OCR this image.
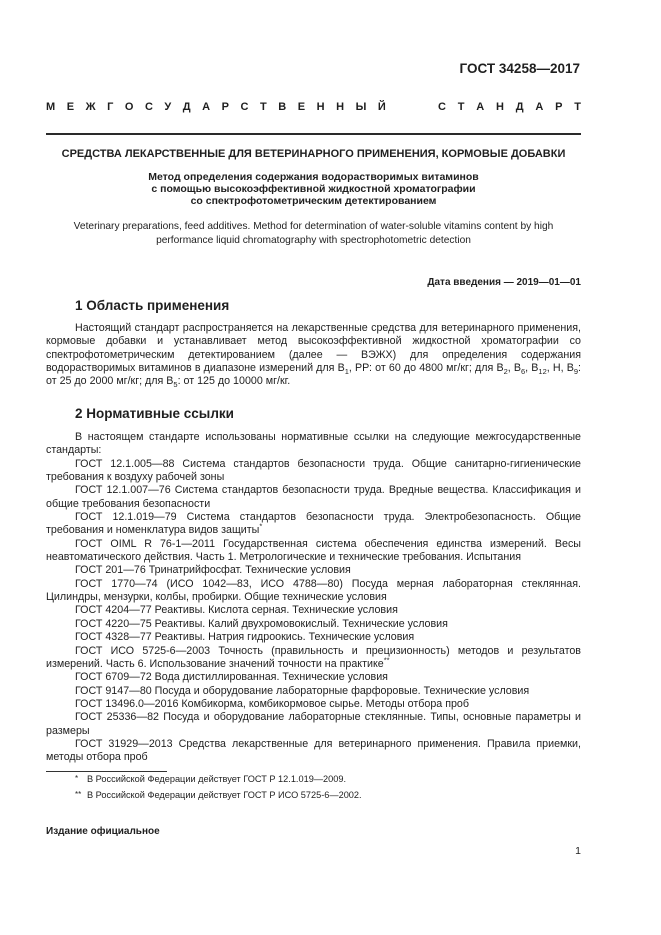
ГОСТ 34258—2017
М Е Ж Г О С У Д А Р С Т В Е Н Н Ы Й	С Т А Н Д А Р Т
СРЕДСТВА ЛЕКАРСТВЕННЫЕ ДЛЯ ВЕТЕРИНАРНОГО ПРИМЕНЕНИЯ, КОРМОВЫЕ ДОБАВКИ
Метод определения содержания водорастворимых витаминов
с помощью высокоэффективной жидкостной хроматографии
со спектрофотометрическим детектированием
Veterinary preparations, feed additives. Method for determination of water-soluble vitamins content by high performance liquid chromatography with spectrophotometric detection
Дата введения — 2019—01—01
1 Область применения

Настоящий стандарт распространяется на лекарственные средства для ветеринарного применения, кормовые добавки и устанавливает метод высокоэффективной жидкостной хроматографии со спектрофотометрическим детектированием (далее — ВЭЖХ) для определения содержания водорастворимых витаминов в диапазоне измерений для $В_1$, РР: от 60 до 4800 мг/кг; для $В_2$, $В_6$, $В_{12}$, Н, $В_9$: от 25 до 2000 мг/кг; для $В_5$: от 125 до 10000 мг/кг.

2 Нормативные ссылки

В настоящем стандарте использованы нормативные ссылки на следующие межгосударственные стандарты:

ГОСТ 12.1.005—88 Система стандартов безопасности труда. Общие санитарно-гигиенические требования к воздуху рабочей зоны

ГОСТ 12.1.007—76 Система стандартов безопасности труда. Вредные вещества. Классификация и общие требования безопасности

ГОСТ 12.1.019—79 Система стандартов безопасности труда. Электробезопасность. Общие требования и номенклатура видов защиты*

ГОСТ OIML R 76-1—2011 Государственная система обеспечения единства измерений. Весы неавтоматического действия. Часть 1. Метрологические и технические требования. Испытания

ГОСТ 201—76 Тринатрийфосфат. Технические условия

ГОСТ 1770—74 (ИСО 1042—83, ИСО 4788—80) Посуда мерная лабораторная стеклянная. Цилиндры, мензурки, колбы, пробирки. Общие технические условия

ГОСТ 4204—77 Реактивы. Кислота серная. Технические условия

ГОСТ 4220—75 Реактивы. Калий двухромовокислый. Технические условия

ГОСТ 4328—77 Реактивы. Натрия гидроокись. Технические условия

ГОСТ ИСО 5725-6—2003 Точность (правильность и прецизионность) методов и результатов измерений. Часть 6. Использование значений точности на практике**

ГОСТ 6709—72 Вода дистиллированная. Технические условия

ГОСТ 9147—80 Посуда и оборудование лабораторные фарфоровые. Технические условия

ГОСТ 13496.0—2016 Комбикорма, комбикормовое сырье. Методы отбора проб

ГОСТ 25336—82 Посуда и оборудование лабораторные стеклянные. Типы, основные параметры и размеры

ГОСТ 31929—2013 Средства лекарственные для ветеринарного применения. Правила приемки, методы отбора проб

* В Российской Федерации действует ГОСТ Р 12.1.019—2009.
** В Российской Федерации действует ГОСТ Р ИСО 5725-6—2002.
Издание официальное
1
